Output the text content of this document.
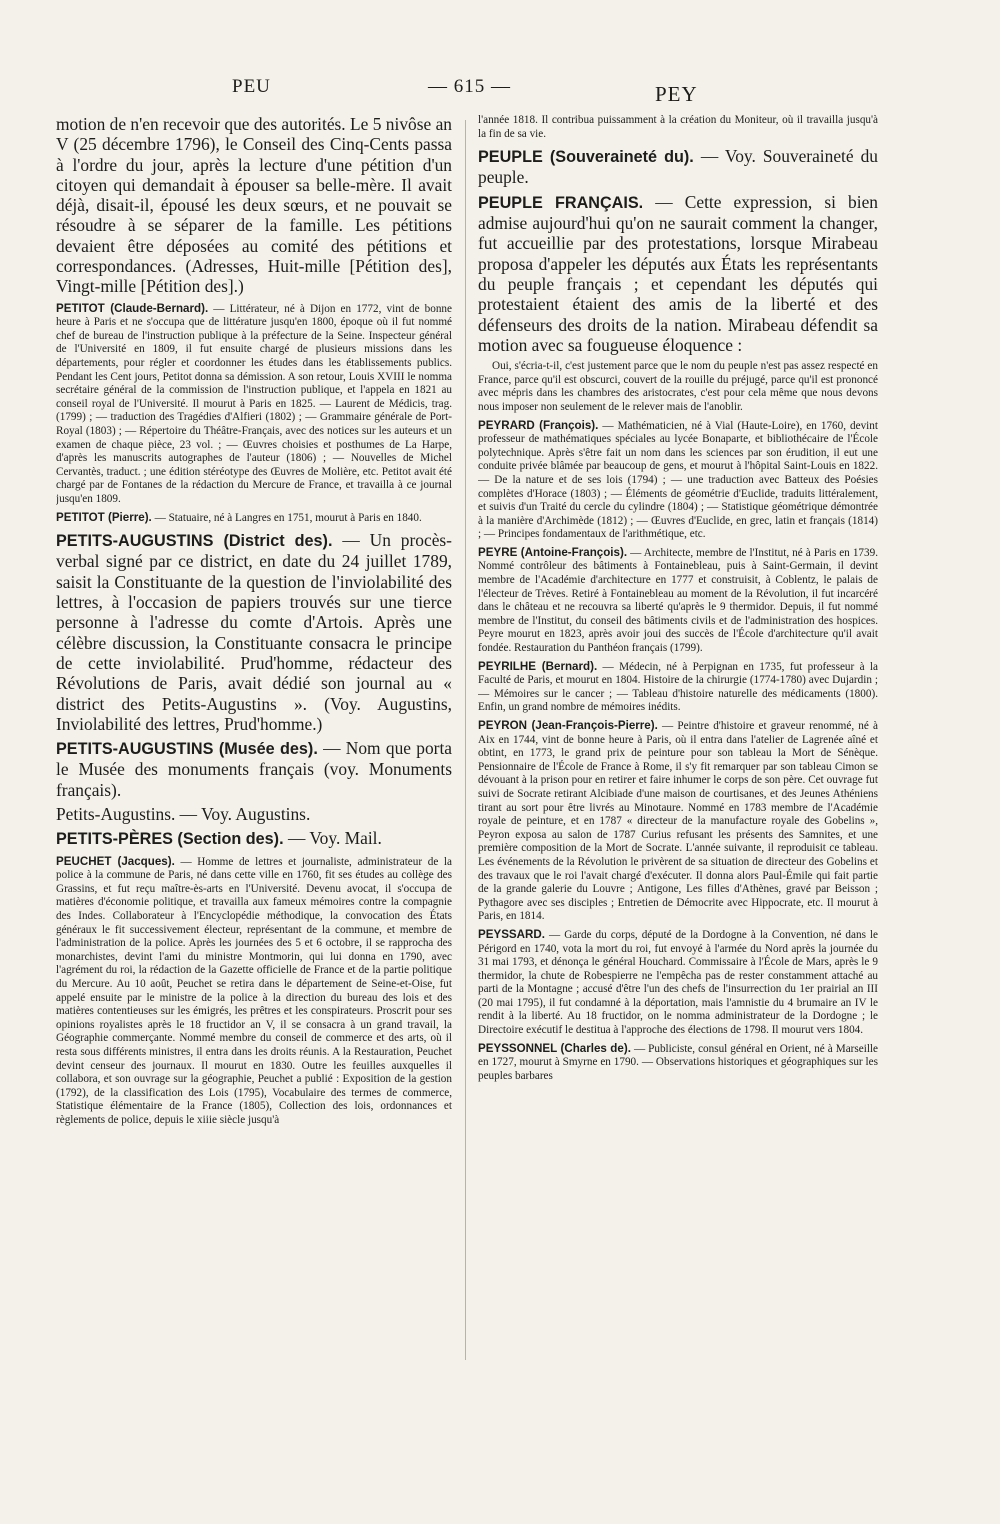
PEU	— 615 —	PEY

motion de n'en recevoir que des autorités. Le 5 nivôse an V (25 décembre 1796), le Conseil des Cinq-Cents passa à l'ordre du jour, après la lecture d'une pétition d'un citoyen qui demandait à épouser sa belle-mère. Il avait déjà, disait-il, épousé les deux sœurs, et ne pouvait se résoudre à se séparer de la famille. Les pétitions devaient être déposées au comité des pétitions et correspondances. (Adresses, Huit-mille [Pétition des], Vingt-mille [Pétition des].)

PETITOT (Claude-Bernard). — Littérateur, né à Dijon en 1772, vint de bonne heure à Paris et ne s'occupa que de littérature jusqu'en 1800, époque où il fut nommé chef de bureau de l'instruction publique à la préfecture de la Seine. Inspecteur général de l'Université en 1809, il fut ensuite chargé de plusieurs missions dans les départements, pour régler et coordonner les études dans les établissements publics. Pendant les Cent jours, Petitot donna sa démission. A son retour, Louis XVIII le nomma secrétaire général de la commission de l'instruction publique, et l'appela en 1821 au conseil royal de l'Université. Il mourut à Paris en 1825. — Laurent de Médicis, trag. (1799) ; — traduction des Tragédies d'Alfieri (1802) ; — Grammaire générale de Port-Royal (1803) ; — Répertoire du Théâtre-Français, avec des notices sur les auteurs et un examen de chaque pièce, 23 vol. ; — Œuvres choisies et posthumes de La Harpe, d'après les manuscrits autographes de l'auteur (1806) ; — Nouvelles de Michel Cervantès, traduct. ; une édition stéréotype des Œuvres de Molière, etc. Petitot avait été chargé par de Fontanes de la rédaction du Mercure de France, et travailla à ce journal jusqu'en 1809.

PETITOT (Pierre). — Statuaire, né à Langres en 1751, mourut à Paris en 1840.

PETITS-AUGUSTINS (District des). — Un procès-verbal signé par ce district, en date du 24 juillet 1789, saisit la Constituante de la question de l'inviolabilité des lettres, à l'occasion de papiers trouvés sur une tierce personne à l'adresse du comte d'Artois. Après une célèbre discussion, la Constituante consacra le principe de cette inviolabilité. Prud'homme, rédacteur des Révolutions de Paris, avait dédié son journal au « district des Petits-Augustins ». (Voy. Augustins, Inviolabilité des lettres, Prud'homme.)

PETITS-AUGUSTINS (Musée des). — Nom que porta le Musée des monuments français (voy. Monuments français).

Petits-Augustins. — Voy. Augustins.

PETITS-PÈRES (Section des). — Voy. Mail.

PEUCHET (Jacques). — Homme de lettres et journaliste, administrateur de la police à la commune de Paris, né dans cette ville en 1760, fit ses études au collège des Grassins, et fut reçu maître-ès-arts en l'Université. Devenu avocat, il s'occupa de matières d'économie politique, et travailla aux fameux mémoires contre la compagnie des Indes. Collaborateur à l'Encyclopédie méthodique, la convocation des États généraux le fit successivement électeur, représentant de la commune, et membre de l'administration de la police. Après les journées des 5 et 6 octobre, il se rapprocha des monarchistes, devint l'ami du ministre Montmorin, qui lui donna en 1790, avec l'agrément du roi, la rédaction de la Gazette officielle de France et de la partie politique du Mercure. Au 10 août, Peuchet se retira dans le département de Seine-et-Oise, fut appelé ensuite par le ministre de la police à la direction du bureau des lois et des matières contentieuses sur les émigrés, les prêtres et les conspirateurs. Proscrit pour ses opinions royalistes après le 18 fructidor an V, il se consacra à un grand travail, la Géographie commerçante. Nommé membre du conseil de commerce et des arts, où il resta sous différents ministres, il entra dans les droits réunis. A la Restauration, Peuchet devint censeur des journaux. Il mourut en 1830. Outre les feuilles auxquelles il collabora, et son ouvrage sur la géographie, Peuchet a publié : Exposition de la gestion (1792), de la classification des Lois (1795), Vocabulaire des termes de commerce, Statistique élémentaire de la France (1805), Collection des lois, ordonnances et règlements de police, depuis le xiiie siècle jusqu'à

l'année 1818. Il contribua puissamment à la création du Moniteur, où il travailla jusqu'à la fin de sa vie.

PEUPLE (Souveraineté du). — Voy. Souveraineté du peuple.

PEUPLE FRANÇAIS. — Cette expression, si bien admise aujourd'hui qu'on ne saurait comment la changer, fut accueillie par des protestations, lorsque Mirabeau proposa d'appeler les députés aux États les représentants du peuple français ; et cependant les députés qui protestaient étaient des amis de la liberté et des défenseurs des droits de la nation. Mirabeau défendit sa motion avec sa fougueuse éloquence :

Oui, s'écria-t-il, c'est justement parce que le nom du peuple n'est pas assez respecté en France, parce qu'il est obscurci, couvert de la rouille du préjugé, parce qu'il est prononcé avec mépris dans les chambres des aristocrates, c'est pour cela même que nous devons nous imposer non seulement de le relever mais de l'anoblir.

PEYRARD (François). — Mathématicien, né à Vial (Haute-Loire), en 1760, devint professeur de mathématiques spéciales au lycée Bonaparte, et bibliothécaire de l'École polytechnique. Après s'être fait un nom dans les sciences par son érudition, il eut une conduite privée blâmée par beaucoup de gens, et mourut à l'hôpital Saint-Louis en 1822. — De la nature et de ses lois (1794) ; — une traduction avec Batteux des Poésies complètes d'Horace (1803) ; — Éléments de géométrie d'Euclide, traduits littéralement, et suivis d'un Traité du cercle du cylindre (1804) ; — Statistique géométrique démontrée à la manière d'Archimède (1812) ; — Œuvres d'Euclide, en grec, latin et français (1814) ; — Principes fondamentaux de l'arithmétique, etc.

PEYRE (Antoine-François). — Architecte, membre de l'Institut, né à Paris en 1739. Nommé contrôleur des bâtiments à Fontainebleau, puis à Saint-Germain, il devint membre de l'Académie d'architecture en 1777 et construisit, à Coblentz, le palais de l'électeur de Trèves. Retiré à Fontainebleau au moment de la Révolution, il fut incarcéré dans le château et ne recouvra sa liberté qu'après le 9 thermidor. Depuis, il fut nommé membre de l'Institut, du conseil des bâtiments civils et de l'administration des hospices. Peyre mourut en 1823, après avoir joui des succès de l'École d'architecture qu'il avait fondée. Restauration du Panthéon français (1799).

PEYRILHE (Bernard). — Médecin, né à Perpignan en 1735, fut professeur à la Faculté de Paris, et mourut en 1804. Histoire de la chirurgie (1774-1780) avec Dujardin ; — Mémoires sur le cancer ; — Tableau d'histoire naturelle des médicaments (1800). Enfin, un grand nombre de mémoires inédits.

PEYRON (Jean-François-Pierre). — Peintre d'histoire et graveur renommé, né à Aix en 1744, vint de bonne heure à Paris, où il entra dans l'atelier de Lagrenée aîné et obtint, en 1773, le grand prix de peinture pour son tableau la Mort de Sénèque. Pensionnaire de l'École de France à Rome, il s'y fit remarquer par son tableau Cimon se dévouant à la prison pour en retirer et faire inhumer le corps de son père. Cet ouvrage fut suivi de Socrate retirant Alcibiade d'une maison de courtisanes, et des Jeunes Athéniens tirant au sort pour être livrés au Minotaure. Nommé en 1783 membre de l'Académie royale de peinture, et en 1787 « directeur de la manufacture royale des Gobelins », Peyron exposa au salon de 1787 Curius refusant les présents des Samnites, et une première composition de la Mort de Socrate. L'année suivante, il reproduisit ce tableau. Les événements de la Révolution le privèrent de sa situation de directeur des Gobelins et des travaux que le roi l'avait chargé d'exécuter. Il donna alors Paul-Émile qui fait partie de la grande galerie du Louvre ; Antigone, Les filles d'Athènes, gravé par Beisson ; Pythagore avec ses disciples ; Entretien de Démocrite avec Hippocrate, etc. Il mourut à Paris, en 1814.

PEYSSARD. — Garde du corps, député de la Dordogne à la Convention, né dans le Périgord en 1740, vota la mort du roi, fut envoyé à l'armée du Nord après la journée du 31 mai 1793, et dénonça le général Houchard. Commissaire à l'École de Mars, après le 9 thermidor, la chute de Robespierre ne l'empêcha pas de rester constamment attaché au parti de la Montagne ; accusé d'être l'un des chefs de l'insurrection du 1er prairial an III (20 mai 1795), il fut condamné à la déportation, mais l'amnistie du 4 brumaire an IV le rendit à la liberté. Au 18 fructidor, on le nomma administrateur de la Dordogne ; le Directoire exécutif le destitua à l'approche des élections de 1798. Il mourut vers 1804.

PEYSSONNEL (Charles de). — Publiciste, consul général en Orient, né à Marseille en 1727, mourut à Smyrne en 1790. — Observations historiques et géographiques sur les peuples barbares
